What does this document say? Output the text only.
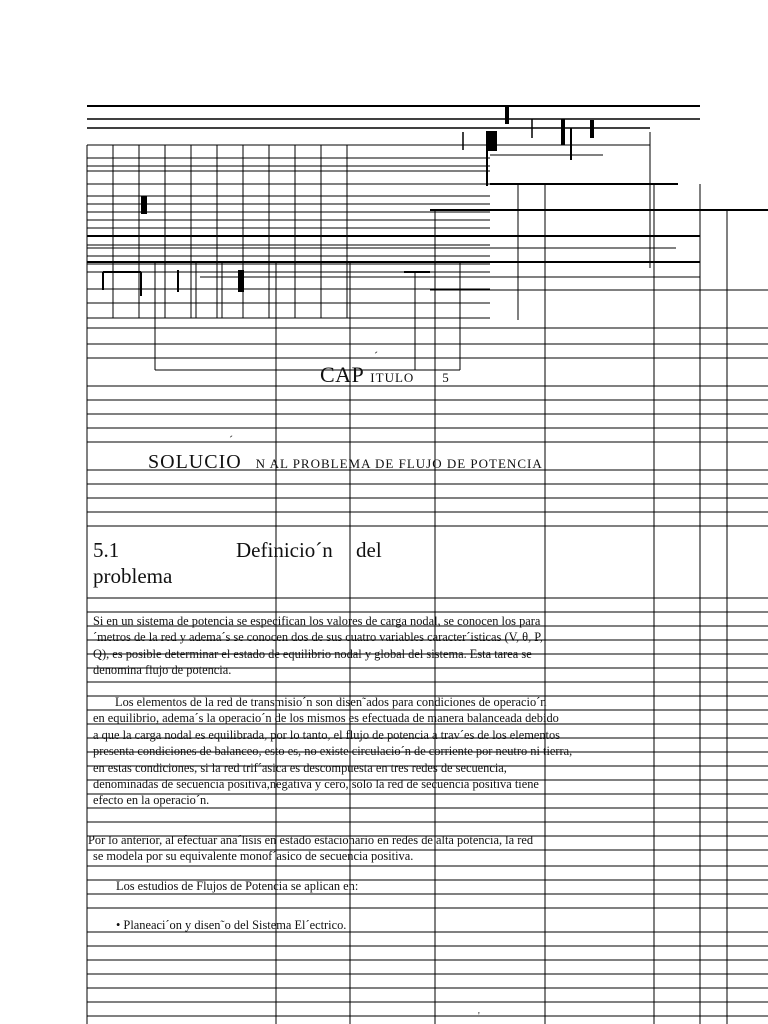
CAP ITULO 5
´
´
SOLUCIO N AL PROBLEMA DE FLUJO DE POTENCIA
5.1	Definicio´n del
problema
Si en un sistema de potencia se especifican los valores de carga nodal, se conocen los para
´metros de la red y adema´s se conocen dos de sus cuatro variables caracter´isticas (V, θ, P,
Q), es posible determinar el estado de equilibrio nodal y global del sistema. Esta tarea se
denomina flujo de potencia.
Los elementos de la red de transmisio´n son disen˜ados para condiciones de operacio´n
en equilibrio, adema´s la operacio´n de los mismos es efectuada de manera balanceada debido
a que la carga nodal es equilibrada, por lo tanto, el flujo de potencia a trav´es de los elementos
presenta condiciones de balanceo, esto es, no existe circulacio´n de corriente por neutro ni tierra,
en estas condiciones, si la red trif´asica es descompuesta en tres redes de secuencia,
denominadas de secuencia positiva,negativa y cero, solo la red de secuencia positiva tiene
efecto en la operacio´n.
Por lo anterior, al efectuar ana´lisis en estado estacionario en redes de alta potencia, la red
se modela por su equivalente monof´asico de secuencia positiva.
Los estudios de Flujos de Potencia se aplican en:
• Planeaci´on y disen˜o del Sistema El´ectrico.
'
